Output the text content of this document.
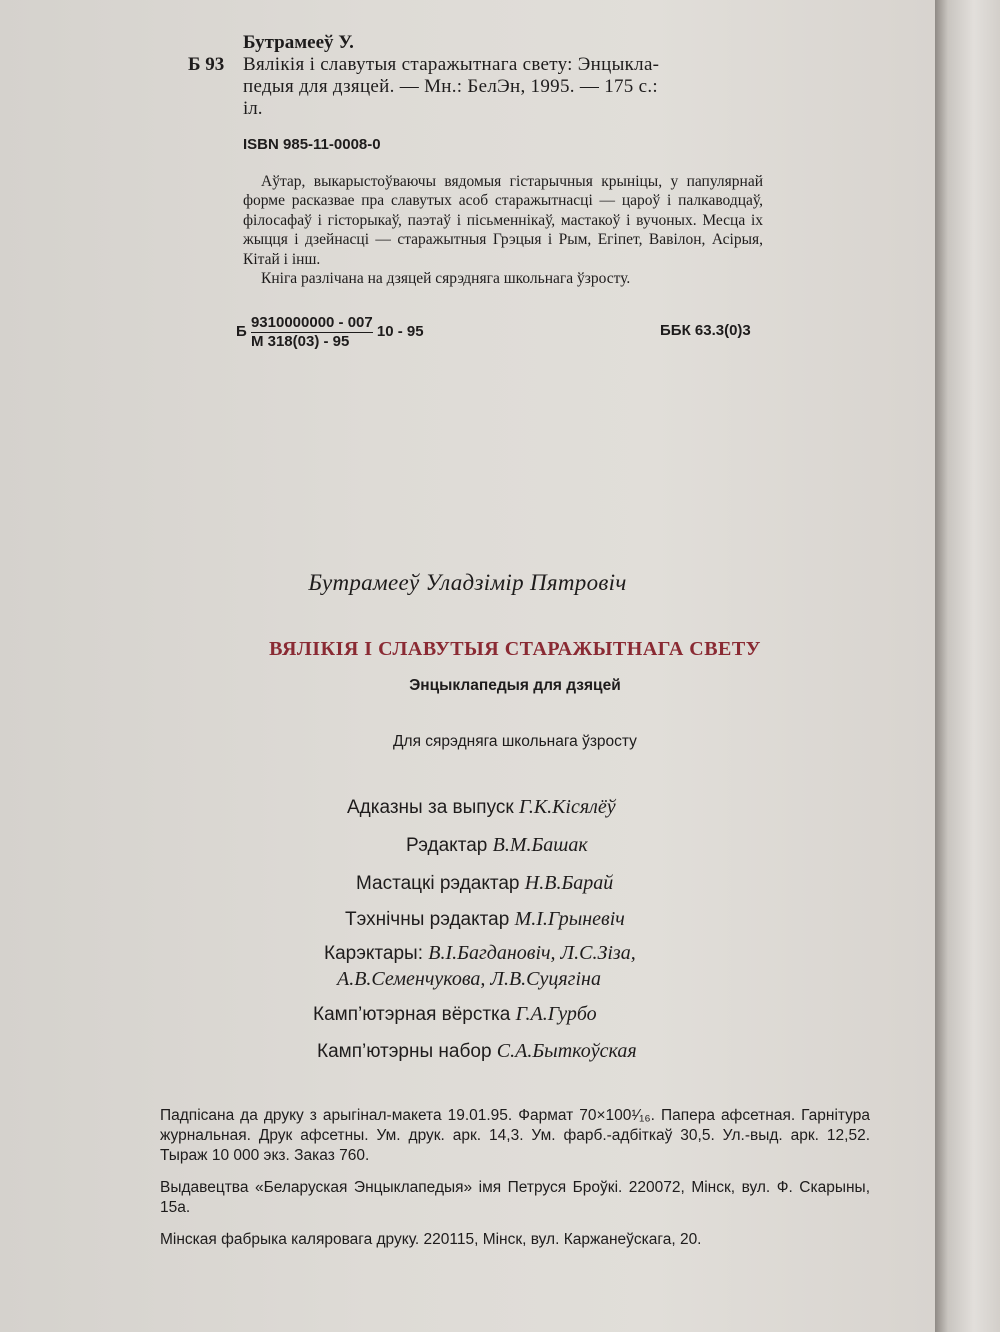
Бутрамееў У.
Б 93 Вялікія і славутыя старажытнага свету: Энцыкла-
педыя для дзяцей. — Мн.: БелЭн, 1995. — 175 с.:
іл.
ISBN 985-11-0008-0

Аўтар, выкарыстоўваючы вядомыя гістарычныя крыніцы, у папулярнай форме расказвае пра славутых асоб старажытнасці — цароў і палкаводцаў, філосафаў і гісторыкаў, паэтаў і пісьменнікаў, мастакоў і вучоных. Месца іх жыцця і дзейнасці — старажытныя Грэцыя і Рым, Егіпет, Вавілон, Асірыя, Кітай і інш.

Кніга разлічана на дзяцей сярэдняга школьнага ўзросту.

Б $\frac{9310000000 - 007}{М 318(03) - 95} 10 - 95$	ББК 63.3(0)3
Бутрамееў Уладзімір Пятровіч
ВЯЛІКІЯ І СЛАВУТЫЯ СТАРАЖЫТНАГА СВЕТУ
Энцыклапедыя для дзяцей
Для сярэдняга школьнага ўзросту
Адказны за выпуск Г.К.Кісялёў
Рэдактар В.М.Башак
Мастацкі рэдактар Н.В.Барай
Тэхнічны рэдактар М.І.Грыневіч
Карэктары: В.І.Багдановіч, Л.С.Зіза,
А.В.Семенчукова, Л.В.Суцягіна
Камп’ютэрная вёрстка Г.А.Гурбо
Камп’ютэрны набор С.А.Быткоўская

Падпісана да друку з арыгінал-макета 19.01.95. Фармат 70×100¹⁄₁₆. Папера афсетная. Гарнітура журнальная. Друк афсетны. Ум. друк. арк. 14,3. Ум. фарб.-адбіткаў 30,5. Ул.-выд. арк. 12,52. Тыраж 10 000 экз. Заказ 760.

Выдавецтва «Беларуская Энцыклапедыя» імя Петруся Броўкі. 220072, Мінск, вул. Ф. Скарыны, 15а.

Мінская фабрыка каляровага друку. 220115, Мінск, вул. Каржанеўскага, 20.
